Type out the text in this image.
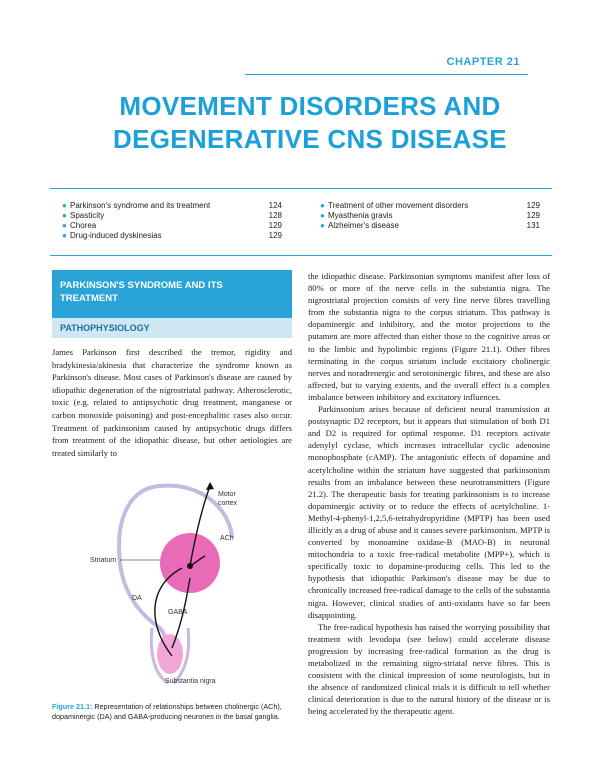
CHAPTER 21
MOVEMENT DISORDERS AND
DEGENERATIVE CNS DISEASE
● Parkinson's syndrome and its treatment	124
● Spasticity	128
● Chorea	129
● Drug-induced dyskinesias	129
● Treatment of other movement disorders	129
● Myasthenia gravis	129
● Alzheimer's disease	131
PARKINSON'S SYNDROME AND ITS
TREATMENT
PATHOPHYSIOLOGY

James Parkinson first described the tremor, rigidity and bradykinesia/akinesia that characterize the syndrome known as Parkinson's disease. Most cases of Parkinson's disease are caused by idiopathic degeneration of the nigrostriatal pathway. Atherosclerotic, toxic (e.g. related to antipsychotic drug treatment, manganese or carbon monoxide poisoning) and post-encephalitic cases also occur. Treatment of parkinsonism caused by antipsychotic drugs differs from treatment of the idiopathic disease, but other aetiologies are treated similarly to

Motor
cortex
ACh
Striatum
DA
GABA
Substantia nigra
Figure 21.1: Representation of relationships between cholinergic (ACh), dopaminergic (DA) and GABA-producing neurones in the basal ganglia.

the idiopathic disease. Parkinsonian symptoms manifest after loss of 80% or more of the nerve cells in the substantia nigra. The nigrostriatal projection consists of very fine nerve fibres travelling from the substantia nigra to the corpus striatum. This pathway is dopaminergic and inhibitory, and the motor projections to the putamen are more affected than either those to the cognitive areas or to the limbic and hypolimbic regions (Figure 21.1). Other fibres terminating in the corpus striatum include excitatory cholinergic nerves and noradrenergic and serotoninergic fibres, and these are also affected, but to varying extents, and the overall effect is a complex imbalance between inhibitory and excitatory influences.

Parkinsonism arises because of deficient neural transmission at postsynaptic D2 receptors, but it appears that stimulation of both D1 and D2 is required for optimal response. D1 receptors activate adenylyl cyclase, which increases intracellular cyclic adenosine monophosphate (cAMP). The antagonistic effects of dopamine and acetylcholine within the striatum have suggested that parkinsonism results from an imbalance between these neurotransmitters (Figure 21.2). The therapeutic basis for treating parkinsonism is to increase dopaminergic activity or to reduce the effects of acetylcholine. 1-Methyl-4-phenyl-1,2,5,6-tetrahydropyridine (MPTP) has been used illicitly as a drug of abuse and it causes severe parkinsonism. MPTP is converted by monoamine oxidase-B (MAO-B) in neuronal mitochondria to a toxic free-radical metabolite (MPP+), which is specifically toxic to dopamine-producing cells. This led to the hypothesis that idiopathic Parkinson's disease may be due to chronically increased free-radical damage to the cells of the substantia nigra. However, clinical studies of anti-oxidants have so far been disappointing.

The free-radical hypothesis has raised the worrying possibility that treatment with levodopa (see below) could accelerate disease progression by increasing free-radical formation as the drug is metabolized in the remaining nigro-striatal nerve fibres. This is consistent with the clinical impression of some neurologists, but in the absence of randomized clinical trials it is difficult to tell whether clinical deterioration is due to the natural history of the disease or is being accelerated by the therapeutic agent.
